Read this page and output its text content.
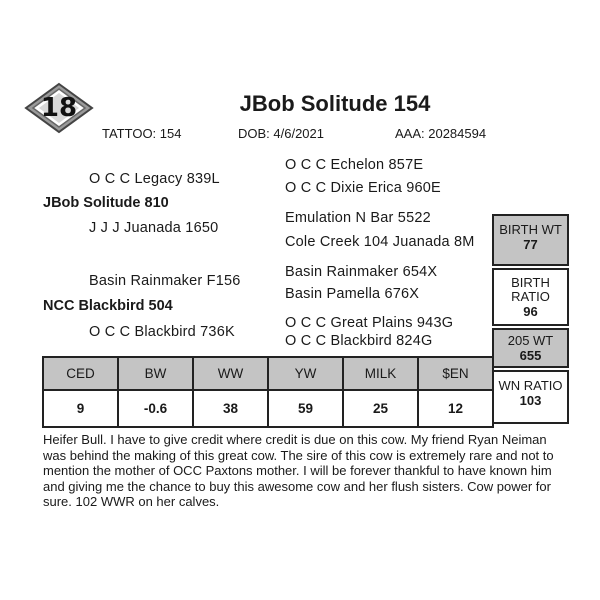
18	JBob Solitude 154
TATTOO: 154	DOB: 4/6/2021	AAA: 20284594
O C C Legacy 839L
JBob Solitude 810
J J J Juanada 1650
Basin Rainmaker F156
NCC Blackbird 504
O C C Blackbird 736K
O C C Echelon 857E
O C C Dixie Erica 960E
Emulation N Bar 5522
Cole Creek 104 Juanada 8M
Basin Rainmaker 654X
Basin Pamella 676X
O C C Great Plains 943G
O C C Blackbird 824G
BIRTH WT
77
BIRTH
RATIO
96
205 WT
655
WN RATIO
103
CED	BW	WW	YW	MILK	$EN
9	-0.6	38	59	25	12
Heifer Bull. I have to give credit where credit is due on this cow. My friend Ryan Neiman was behind the making of this great cow. The sire of this cow is extremely rare and not to mention the mother of OCC Paxtons mother. I will be forever thankful to have known him and giving me the chance to buy this awesome cow and her flush sisters. Cow power for sure. 102 WWR on her calves.
